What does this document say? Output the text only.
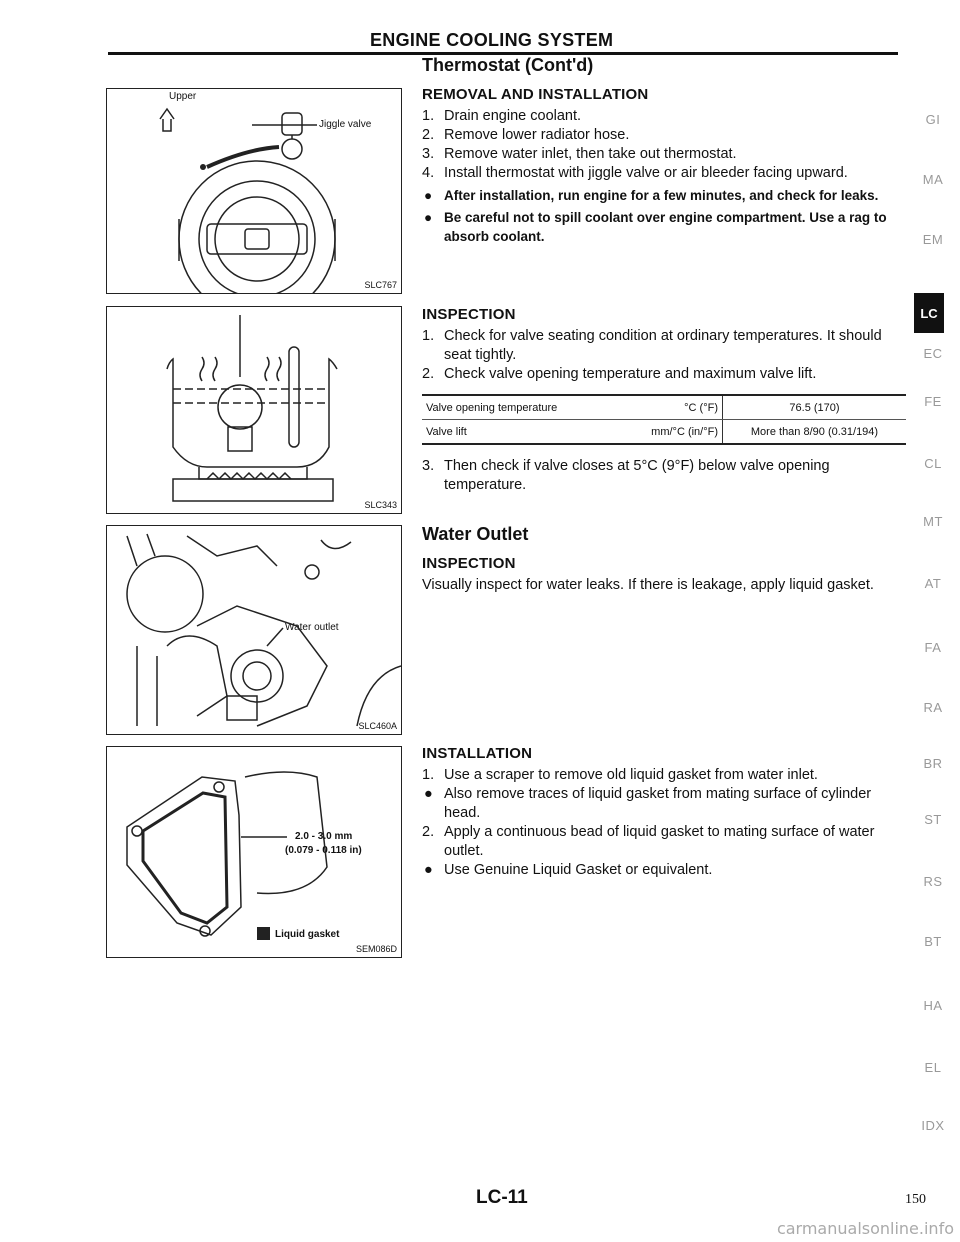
ENGINE COOLING SYSTEM
Upper
Jiggle valve
SLC767
SLC343
Water outlet
SLC460A
2.0 - 3.0 mm
(0.079 - 0.118 in)
Liquid gasket
SEM086D
Thermostat (Cont'd)
REMOVAL AND INSTALLATION
1. Drain engine coolant.
2. Remove lower radiator hose.
3. Remove water inlet, then take out thermostat.
4. Install thermostat with jiggle valve or air bleeder facing upward.
● After installation, run engine for a few minutes, and check for leaks.
● Be careful not to spill coolant over engine compartment. Use a rag to absorb coolant.
INSPECTION
1. Check for valve seating condition at ordinary temperatures. It should seat tightly.
2. Check valve opening temperature and maximum valve lift.
Valve opening temperature	°C (°F)	76.5 (170)
Valve lift	mm/°C (in/°F)	More than 8/90 (0.31/194)
3. Then check if valve closes at 5°C (9°F) below valve opening temperature.
Water Outlet
INSPECTION
Visually inspect for water leaks. If there is leakage, apply liquid gasket.
INSTALLATION
1. Use a scraper to remove old liquid gasket from water inlet.
● Also remove traces of liquid gasket from mating surface of cylinder head.
2. Apply a continuous bead of liquid gasket to mating surface of water outlet.
● Use Genuine Liquid Gasket or equivalent.
GI
MA
EM
LC
EC
FE
CL
MT
AT
FA
RA
BR
ST
RS
BT
HA
EL
IDX
LC-11	150
carmanualsonline.info
